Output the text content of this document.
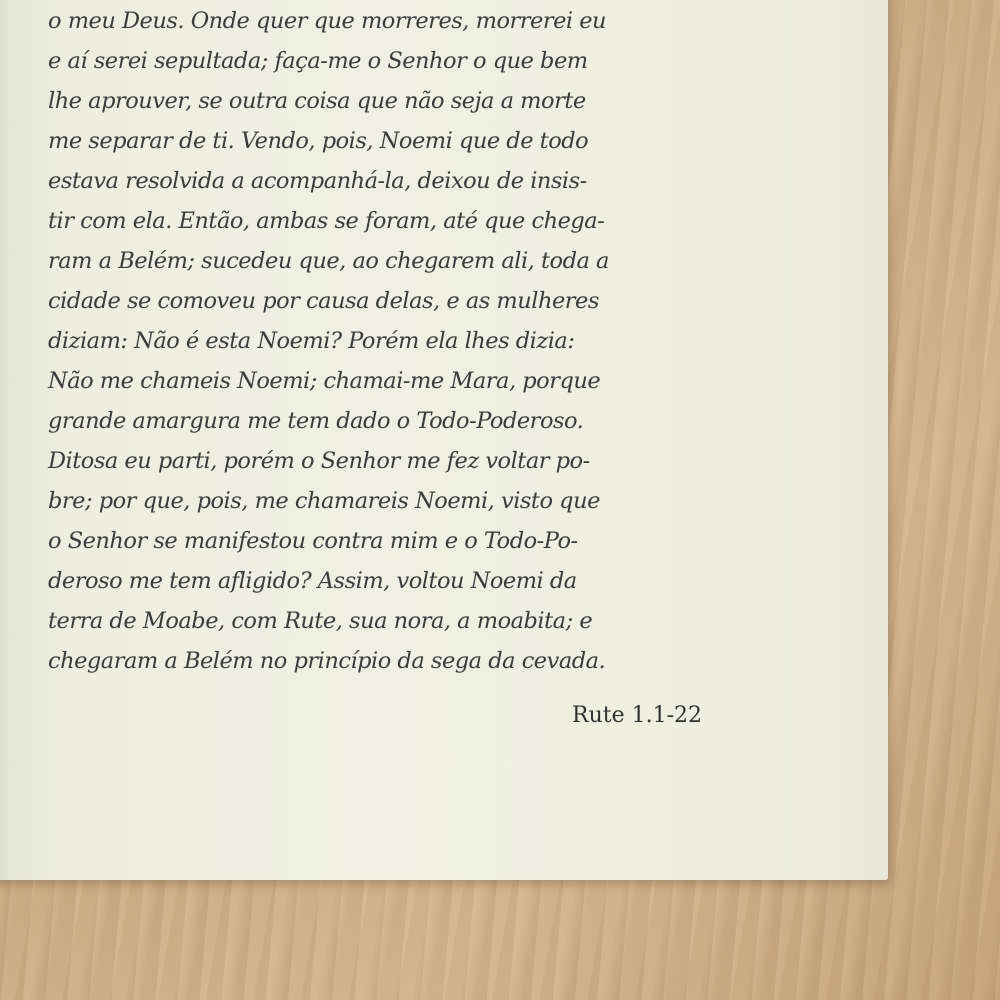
o meu Deus. Onde quer que morreres, morrerei eu
e aí serei sepultada; faça-me o Senhor o que bem
lhe aprouver, se outra coisa que não seja a morte
me separar de ti. Vendo, pois, Noemi que de todo
estava resolvida a acompanhá-la, deixou de insis-
tir com ela. Então, ambas se foram, até que chega-
ram a Belém; sucedeu que, ao chegarem ali, toda a
cidade se comoveu por causa delas, e as mulheres
diziam: Não é esta Noemi? Porém ela lhes dizia:
Não me chameis Noemi; chamai-me Mara, porque
grande amargura me tem dado o Todo-Poderoso.
Ditosa eu parti, porém o Senhor me fez voltar po-
bre; por que, pois, me chamareis Noemi, visto que
o Senhor se manifestou contra mim e o Todo-Po-
deroso me tem afligido? Assim, voltou Noemi da
terra de Moabe, com Rute, sua nora, a moabita; e
chegaram a Belém no princípio da sega da cevada.
Rute 1.1-22
